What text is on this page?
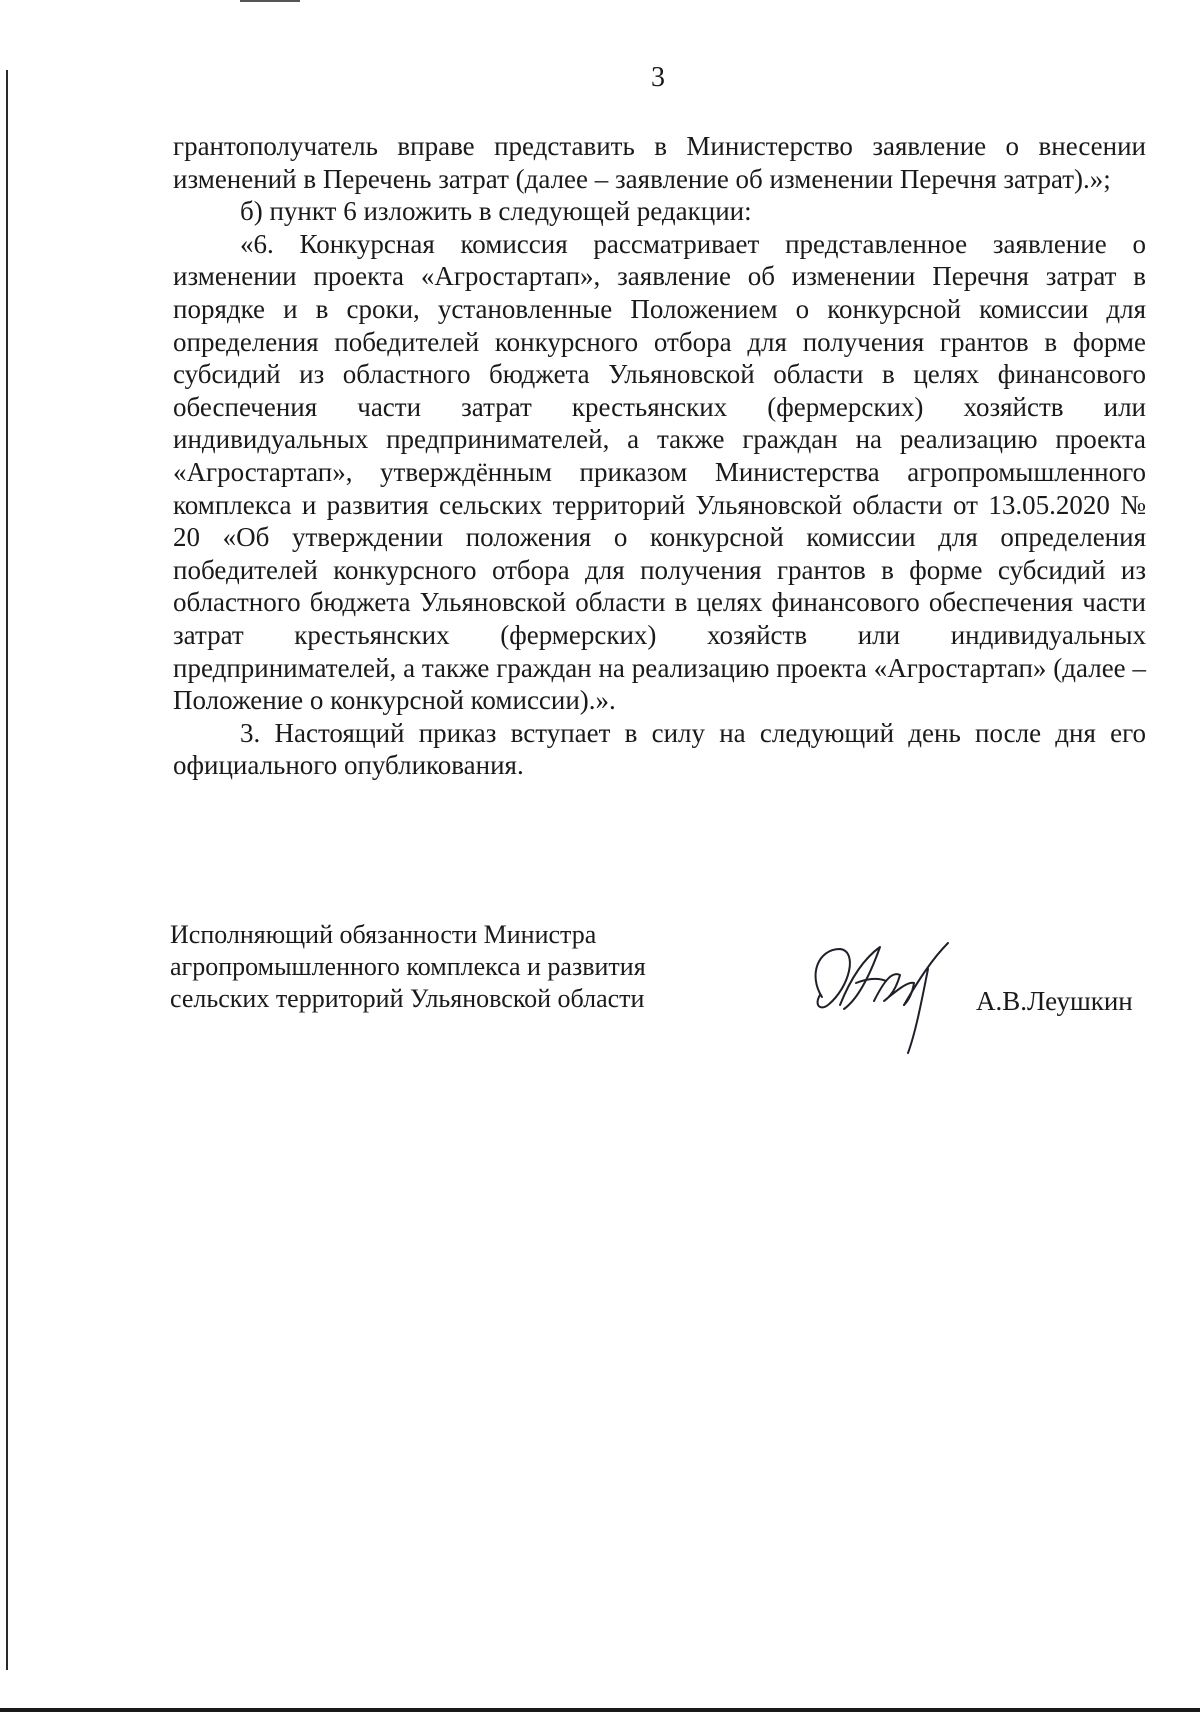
3

грантополучатель вправе представить в Министерство заявление о внесении изменений в Перечень затрат (далее – заявление об изменении Перечня затрат).»;

б) пункт 6 изложить в следующей редакции:

«6. Конкурсная комиссия рассматривает представленное заявление о изменении проекта «Агростартап», заявление об изменении Перечня затрат в порядке и в сроки, установленные Положением о конкурсной комиссии для определения победителей конкурсного отбора для получения грантов в форме субсидий из областного бюджета Ульяновской области в целях финансового обеспечения части затрат крестьянских (фермерских) хозяйств или индивидуальных предпринимателей, а также граждан на реализацию проекта «Агростартап», утверждённым приказом Министерства агропромышленного комплекса и развития сельских территорий Ульяновской области от 13.05.2020 № 20 «Об утверждении положения о конкурсной комиссии для определения победителей конкурсного отбора для получения грантов в форме субсидий из областного бюджета Ульяновской области в целях финансового обеспечения части затрат крестьянских (фермерских) хозяйств или индивидуальных предпринимателей, а также граждан на реализацию проекта «Агростартап» (далее – Положение о конкурсной комиссии).».

3. Настоящий приказ вступает в силу на следующий день после дня его официального опубликования.

Исполняющий обязанности Министра
агропромышленного комплекса и развития
сельских территорий Ульяновской области	А.В.Леушкин
